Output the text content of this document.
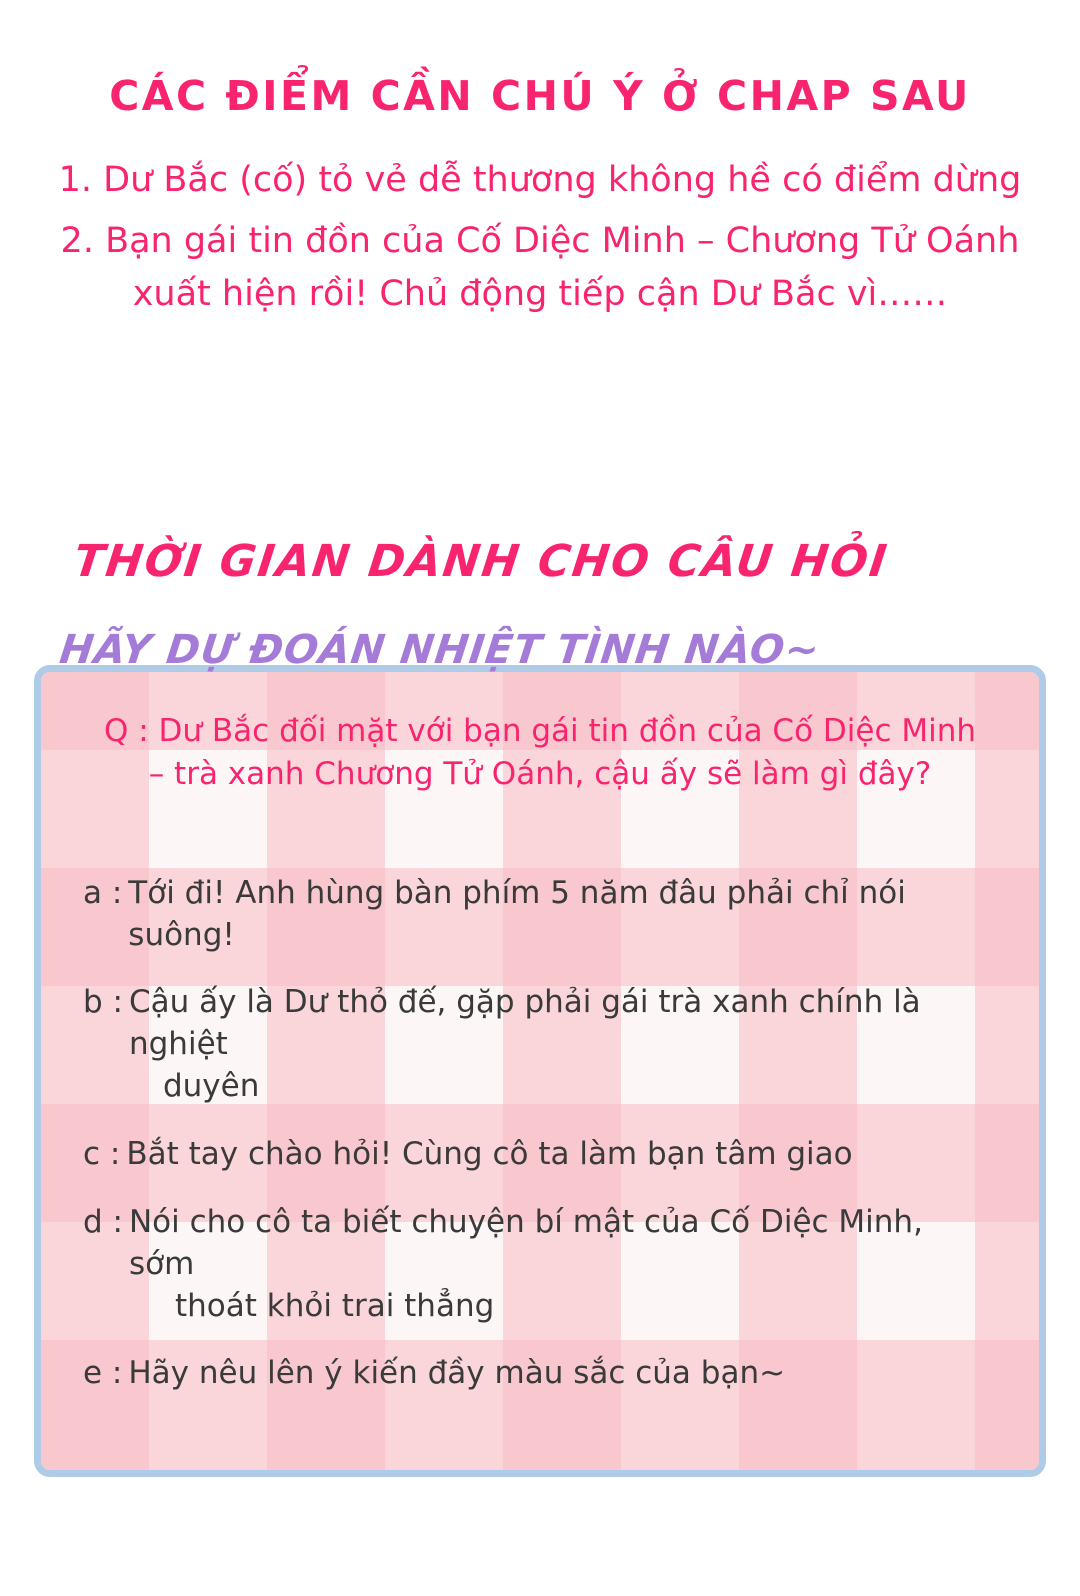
CÁC ĐIỂM CẦN CHÚ Ý Ở CHAP SAU
1. Dư Bắc (cố) tỏ vẻ dễ thương không hề có điểm dừng
2. Bạn gái tin đồn của Cố Diệc Minh – Chương Tử Oánh
xuất hiện rồi! Chủ động tiếp cận Dư Bắc vì……
THỜI GIAN DÀNH CHO CÂU HỎI
HÃY DỰ ĐOÁN NHIỆT TÌNH NÀO~
Q : Dư Bắc đối mặt với bạn gái tin đồn của Cố Diệc Minh
– trà xanh Chương Tử Oánh, cậu ấy sẽ làm gì đây?
a : Tới đi! Anh hùng bàn phím 5 năm đâu phải chỉ nói suông!
b : Cậu ấy là Dư thỏ đế, gặp phải gái trà xanh chính là nghiệt
duyên
c : Bắt tay chào hỏi! Cùng cô ta làm bạn tâm giao
d : Nói cho cô ta biết chuyện bí mật của Cố Diệc Minh, sớm
thoát khỏi trai thẳng
e : Hãy nêu lên ý kiến đầy màu sắc của bạn~
